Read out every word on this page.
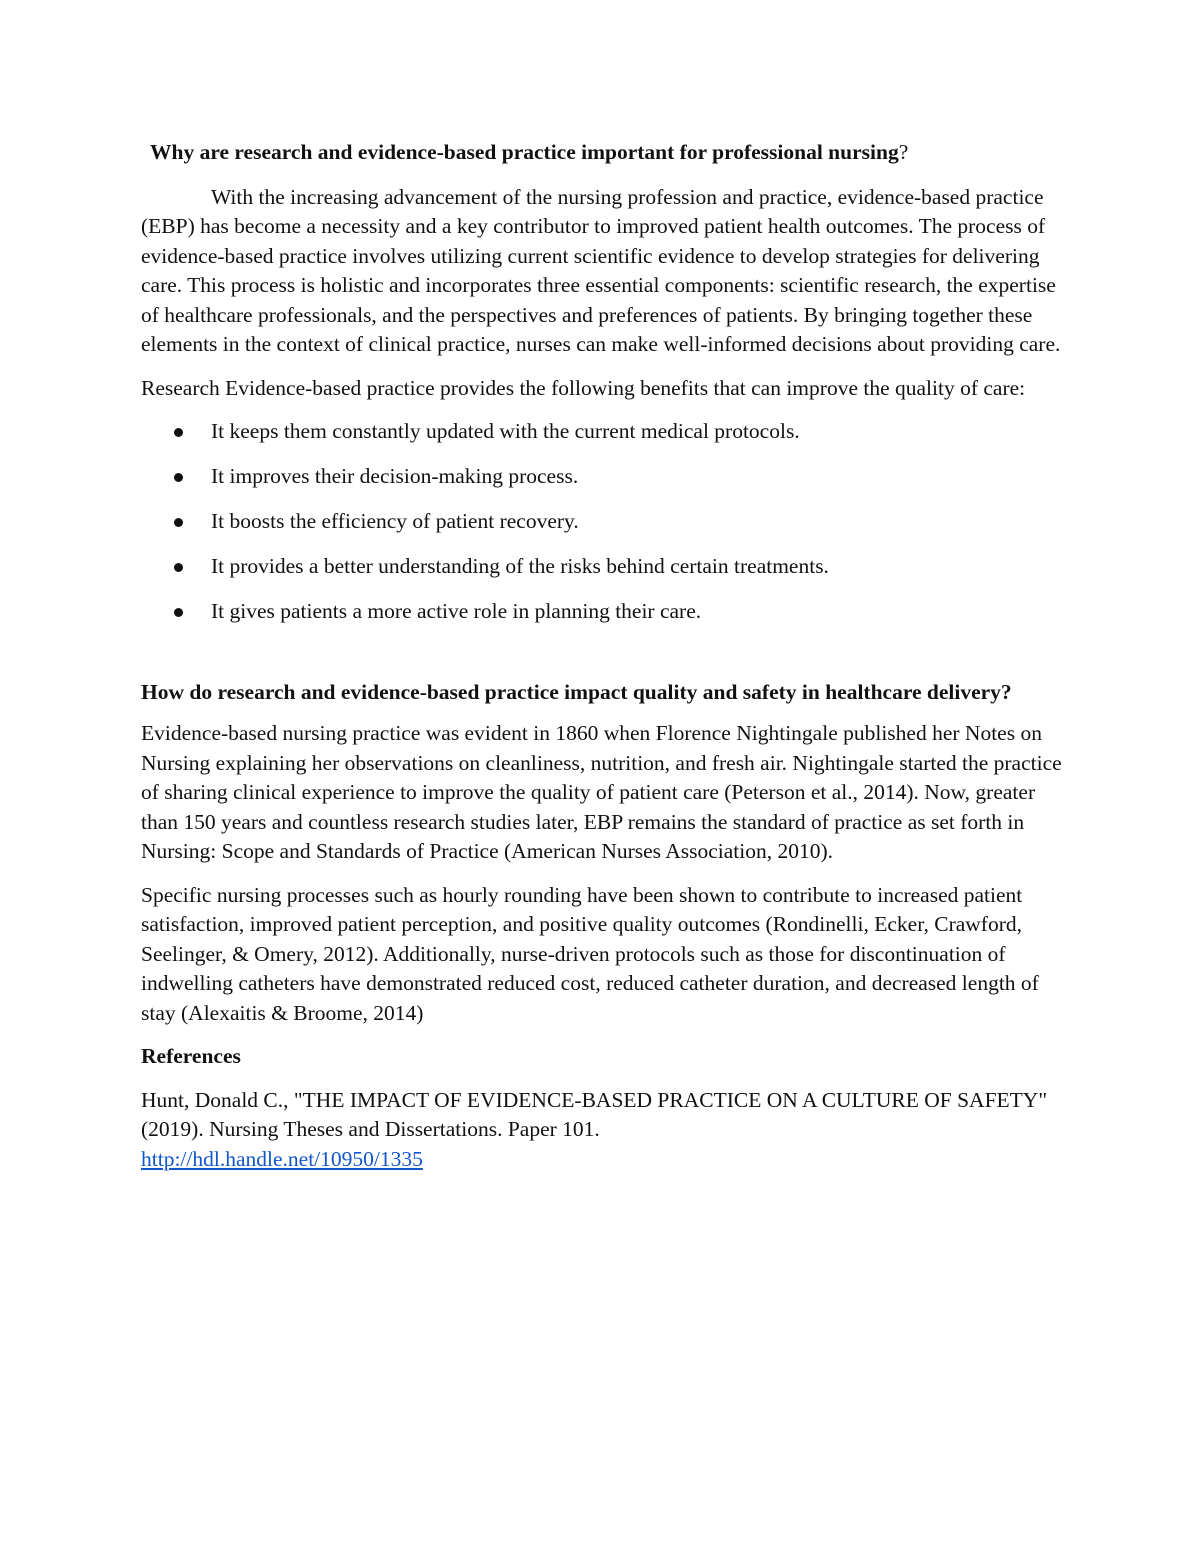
Why are research and evidence-based practice important for professional nursing?

With the increasing advancement of the nursing profession and practice, evidence-based practice (EBP) has become a necessity and a key contributor to improved patient health outcomes. The process of evidence-based practice involves utilizing current scientific evidence to develop strategies for delivering care. This process is holistic and incorporates three essential components: scientific research, the expertise of healthcare professionals, and the perspectives and preferences of patients. By bringing together these elements in the context of clinical practice, nurses can make well-informed decisions about providing care.

Research Evidence-based practice provides the following benefits that can improve the quality of care:

It keeps them constantly updated with the current medical protocols.
It improves their decision-making process.
It boosts the efficiency of patient recovery.
It provides a better understanding of the risks behind certain treatments.
It gives patients a more active role in planning their care.
How do research and evidence-based practice impact quality and safety in healthcare delivery?

Evidence-based nursing practice was evident in 1860 when Florence Nightingale published her Notes on Nursing explaining her observations on cleanliness, nutrition, and fresh air. Nightingale started the practice of sharing clinical experience to improve the quality of patient care (Peterson et al., 2014). Now, greater than 150 years and countless research studies later, EBP remains the standard of practice as set forth in Nursing: Scope and Standards of Practice (American Nurses Association, 2010).

Specific nursing processes such as hourly rounding have been shown to contribute to increased patient satisfaction, improved patient perception, and positive quality outcomes (Rondinelli, Ecker, Crawford, Seelinger, & Omery, 2012). Additionally, nurse-driven protocols such as those for discontinuation of indwelling catheters have demonstrated reduced cost, reduced catheter duration, and decreased length of stay (Alexaitis & Broome, 2014)

References

Hunt, Donald C., "THE IMPACT OF EVIDENCE-BASED PRACTICE ON A CULTURE OF SAFETY" (2019). Nursing Theses and Dissertations. Paper 101.
http://hdl.handle.net/10950/1335
